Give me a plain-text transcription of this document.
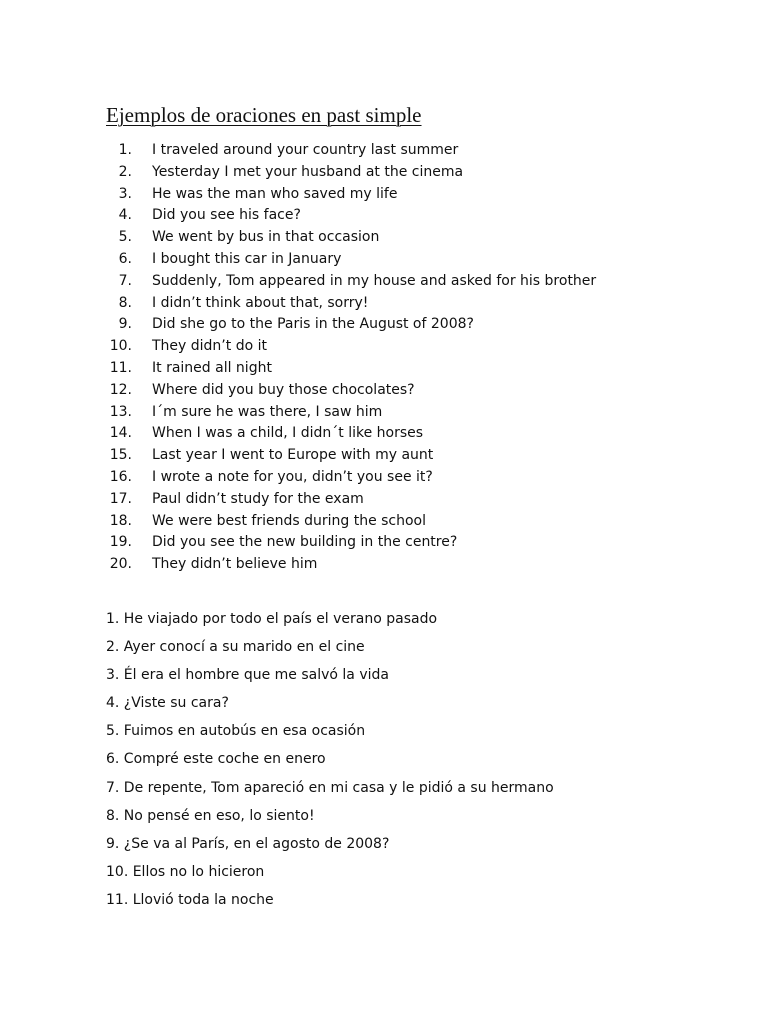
Ejemplos de oraciones en past simple
1. I traveled around your country last summer
2. Yesterday I met your husband at the cinema
3. He was the man who saved my life
4. Did you see his face?
5. We went by bus in that occasion
6. I bought this car in January
7. Suddenly, Tom appeared in my house and asked for his brother
8. I didn’t think about that, sorry!
9. Did she go to the Paris in the August of 2008?
10. They didn’t do it
11. It rained all night
12. Where did you buy those chocolates?
13. I´m sure he was there, I saw him
14. When I was a child, I didn´t like horses
15. Last year I went to Europe with my aunt
16. I wrote a note for you, didn’t you see it?
17. Paul didn’t study for the exam
18. We were best friends during the school
19. Did you see the new building in the centre?
20. They didn’t believe him
1. He viajado por todo el país el verano pasado
2. Ayer conocí a su marido en el cine
3. Él era el hombre que me salvó la vida
4. ¿Viste su cara?
5. Fuimos en autobús en esa ocasión
6. Compré este coche en enero
7. De repente, Tom apareció en mi casa y le pidió a su hermano
8. No pensé en eso, lo siento!
9. ¿Se va al París, en el agosto de 2008?
10. Ellos no lo hicieron
11. Llovió toda la noche
